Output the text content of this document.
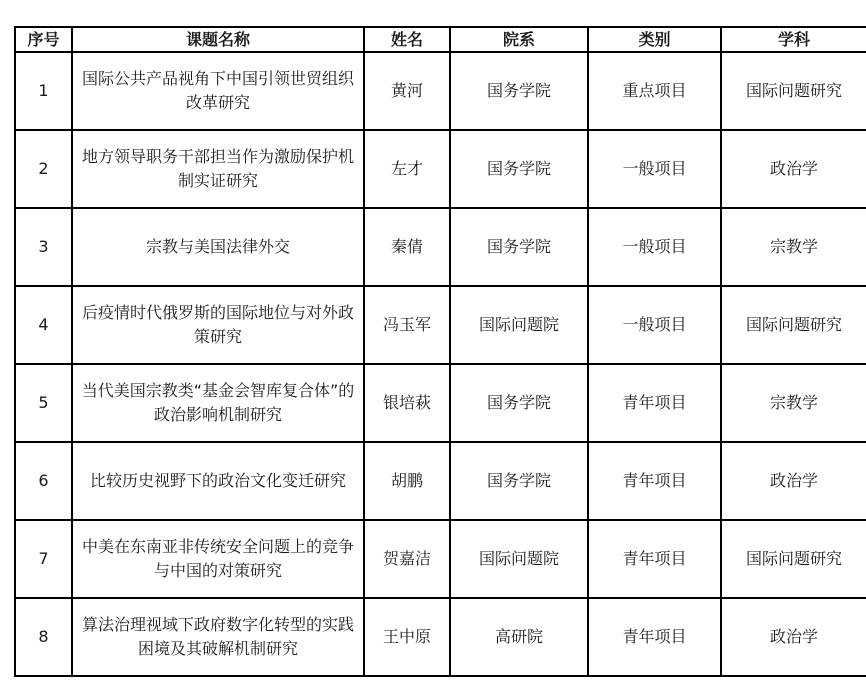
序号	课题名称	姓名	院系	类别	学科
1	国际公共产品视角下中国引领世贸组织改革研究	黄河	国务学院	重点项目	国际问题研究
2	地方领导职务干部担当作为激励保护机制实证研究	左才	国务学院	一般项目	政治学
3	宗教与美国法律外交	秦倩	国务学院	一般项目	宗教学
4	后疫情时代俄罗斯的国际地位与对外政策研究	冯玉军	国际问题院	一般项目	国际问题研究
5	当代美国宗教类“基金会智库复合体”的政治影响机制研究	银培萩	国务学院	青年项目	宗教学
6	比较历史视野下的政治文化变迁研究	胡鹏	国务学院	青年项目	政治学
7	中美在东南亚非传统安全问题上的竞争与中国的对策研究	贺嘉洁	国际问题院	青年项目	国际问题研究
8	算法治理视域下政府数字化转型的实践困境及其破解机制研究	王中原	高研院	青年项目	政治学
